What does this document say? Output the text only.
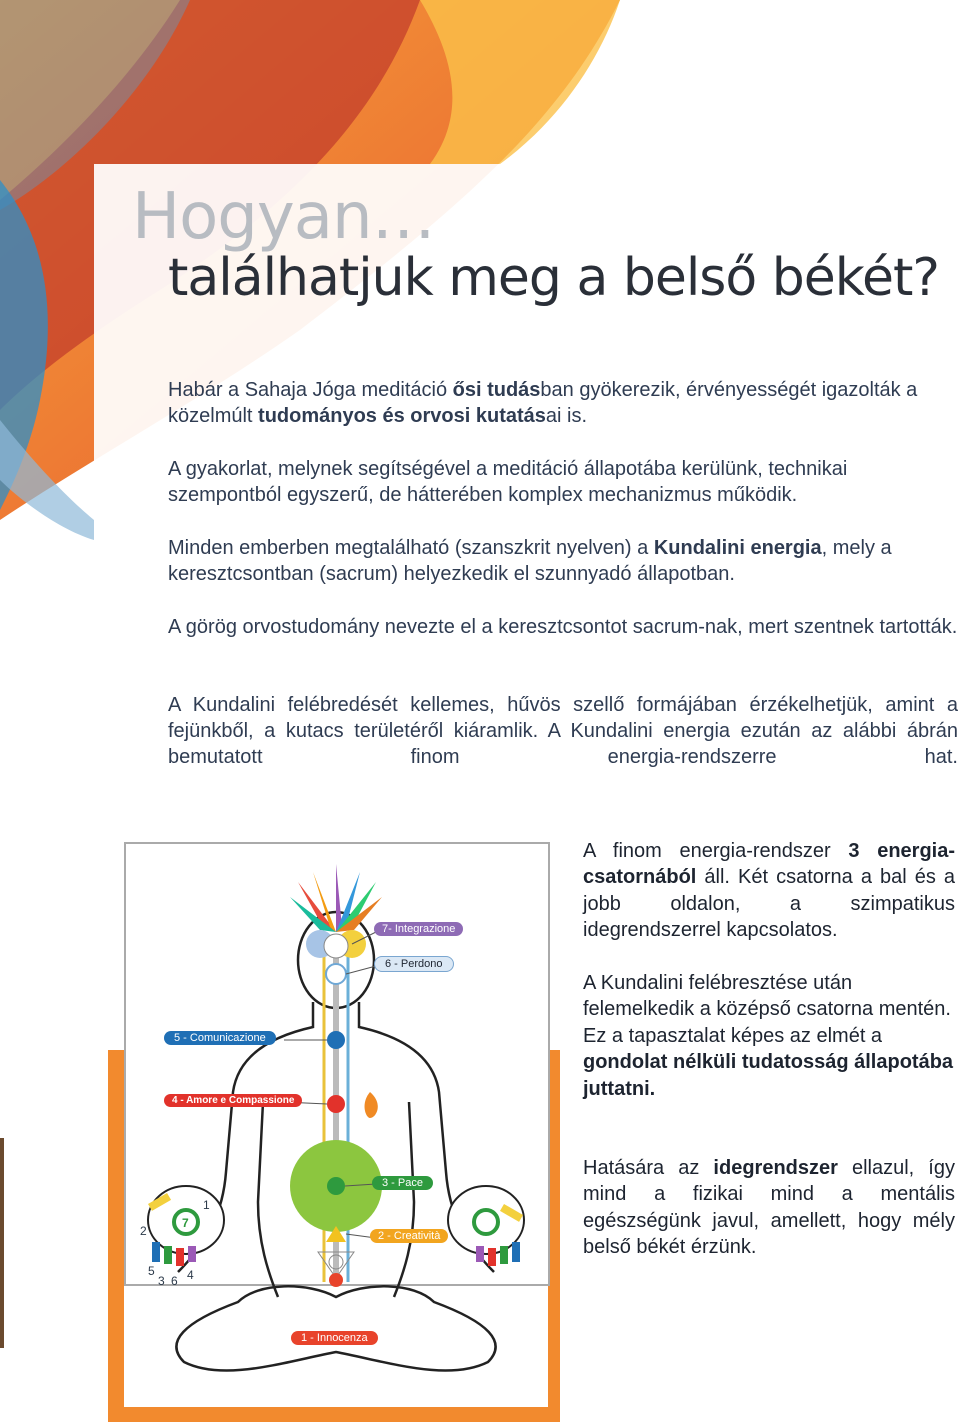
Hogyan…
találhatjuk meg a belső békét?
Habár a Sahaja Jóga meditáció ősi tudásban gyökerezik, érvényességét igazolták a közelmúlt tudományos és orvosi kutatásai is.
A gyakorlat, melynek segítségével a meditáció állapotába kerülünk, technikai szempontból egyszerű, de hátterében komplex mechanizmus működik.
Minden emberben megtalálható (szanszkrit nyelven) a Kundalini energia, mely a keresztcsontban (sacrum) helyezkedik el szunnyadó állapotban.
A görög orvostudomány nevezte el a keresztcsontot sacrum-nak, mert szentnek tartották.
A Kundalini felébredését kellemes, hűvös szellő formájában érzékelhetjük, amint a fejünkből, a kutacs területéről kiáramlik. A Kundalini energia ezután az alábbi ábrán bemutatott finom energia-rendszerre hat.
7- Integrazione
6 - Perdono
5 - Comunicazione
4 - Amore e Compassione
3 - Pace
2 - Creatività
1 - Innocenza
1
2
5
3 6 4
7
A finom energia-rendszer 3 energia-csatornából áll. Két csatorna a bal és a jobb oldalon, a szimpatikus idegrendszerrel kapcsolatos.
A Kundalini felébresztése után felemelkedik a középső csatorna mentén.
Ez a tapasztalat képes az elmét a gondolat nélküli tudatosság állapotába juttatni.
Hatására az idegrendszer ellazul, így mind a fizikai mind a mentális egészségünk javul, amellett, hogy mély belső békét érzünk.
